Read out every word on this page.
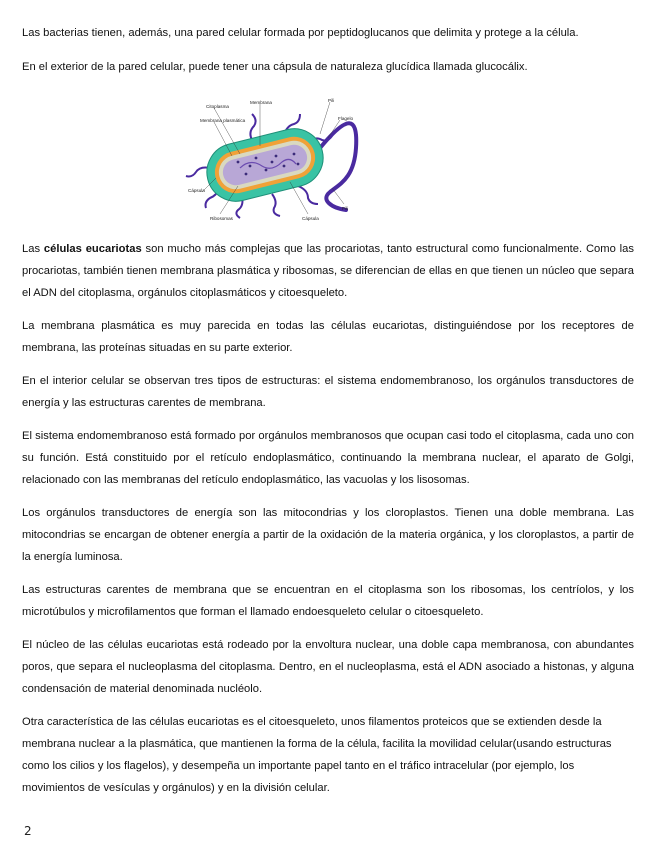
Las bacterias tienen, además, una pared celular formada por peptidoglucanos que delimita y protege a la célula.

En el exterior de la pared celular, puede tener una cápsula de naturaleza glucídica llamada glucocálix.

Citoplasma
Membrana	Pili
Membrana plasmática	Flagelo
Cápsula
Ribosomas	Cápsula
Pili

Las células eucariotas son mucho más complejas que las procariotas, tanto estructural como funcionalmente. Como las procariotas, también tienen membrana plasmática y ribosomas, se diferencian de ellas en que tienen un núcleo que separa el ADN del citoplasma, orgánulos citoplasmáticos y citoesqueleto.

La membrana plasmática es muy parecida en todas las células eucariotas, distinguiéndose por los receptores de membrana, las proteínas situadas en su parte exterior.

En el interior celular se observan tres tipos de estructuras: el sistema endomembranoso, los orgánulos transductores de energía y las estructuras carentes de membrana.

El sistema endomembranoso está formado por orgánulos membranosos que ocupan casi todo el citoplasma, cada uno con su función. Está constituido por el retículo endoplasmático, continuando la membrana nuclear, el aparato de Golgi, relacionado con las membranas del retículo endoplasmático, las vacuolas y los lisosomas.

Los orgánulos transductores de energía son las mitocondrias y los cloroplastos. Tienen una doble membrana. Las mitocondrias se encargan de obtener energía a partir de la oxidación de la materia orgánica, y los cloroplastos, a partir de la energía luminosa.

Las estructuras carentes de membrana que se encuentran en el citoplasma son los ribosomas, los centríolos, y los microtúbulos y microfilamentos que forman el llamado endoesqueleto celular o citoesqueleto.

El núcleo de las células eucariotas está rodeado por la envoltura nuclear, una doble capa membranosa, con abundantes poros, que separa el nucleoplasma del citoplasma. Dentro, en el nucleoplasma, está el ADN asociado a histonas, y alguna condensación de material denominada nucléolo.

Otra característica de las células eucariotas es el citoesqueleto, unos filamentos proteicos que se extienden desde la membrana nuclear a la plasmática, que mantienen la forma de la célula, facilita la movilidad celular(usando estructuras como los cilios y los flagelos), y desempeña un importante papel tanto en el tráfico intracelular (por ejemplo, los movimientos de vesículas y orgánulos) y en la división celular.

2
